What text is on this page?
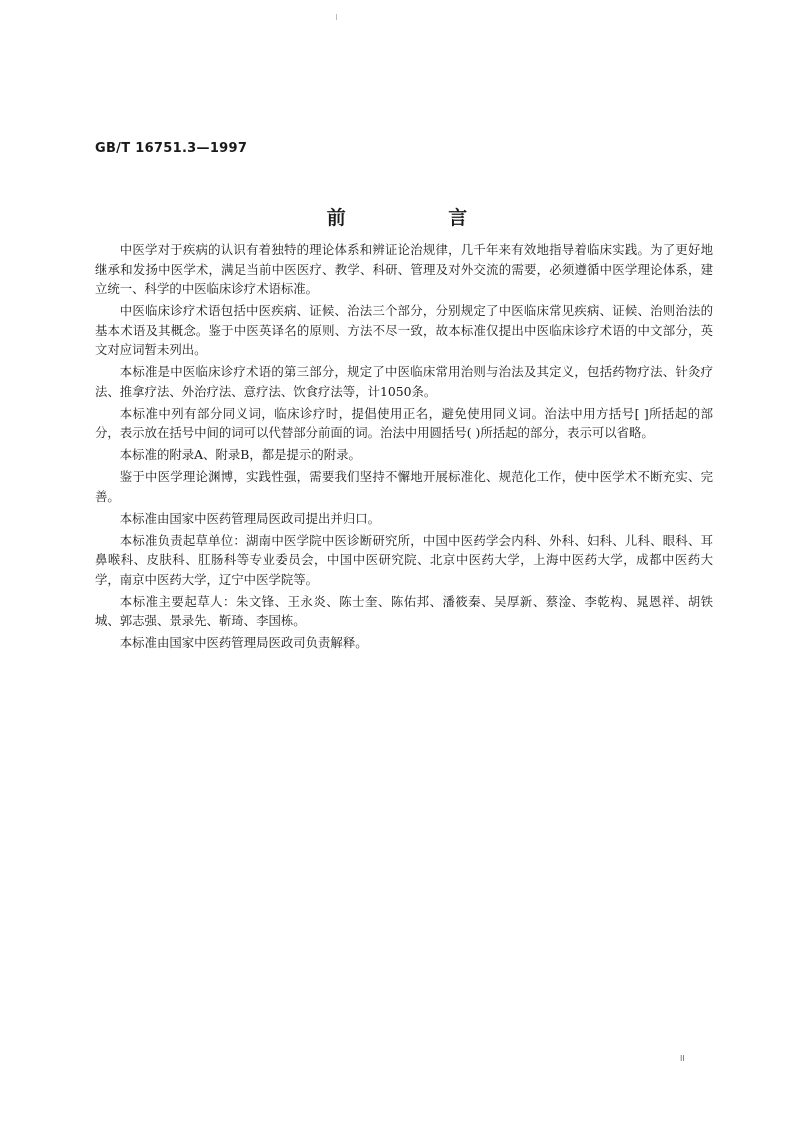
GB/T 16751.3—1997
前 言

中医学对于疾病的认识有着独特的理论体系和辨证论治规律，几千年来有效地指导着临床实践。为了更好地继承和发扬中医学术，满足当前中医医疗、教学、科研、管理及对外交流的需要，必须遵循中医学理论体系，建立统一、科学的中医临床诊疗术语标准。

中医临床诊疗术语包括中医疾病、证候、治法三个部分，分别规定了中医临床常见疾病、证候、治则治法的基本术语及其概念。鉴于中医英译名的原则、方法不尽一致，故本标准仅提出中医临床诊疗术语的中文部分，英文对应词暂未列出。

本标准是中医临床诊疗术语的第三部分，规定了中医临床常用治则与治法及其定义，包括药物疗法、针灸疗法、推拿疗法、外治疗法、意疗法、饮食疗法等，计1050条。

本标准中列有部分同义词，临床诊疗时，提倡使用正名，避免使用同义词。治法中用方括号[ ]所括起的部分，表示放在括号中间的词可以代替部分前面的词。治法中用圆括号( )所括起的部分，表示可以省略。

本标准的附录A、附录B，都是提示的附录。

鉴于中医学理论渊博，实践性强，需要我们坚持不懈地开展标准化、规范化工作，使中医学术不断充实、完善。

本标准由国家中医药管理局医政司提出并归口。

本标准负责起草单位：湖南中医学院中医诊断研究所，中国中医药学会内科、外科、妇科、儿科、眼科、耳鼻喉科、皮肤科、肛肠科等专业委员会，中国中医研究院、北京中医药大学，上海中医药大学，成都中医药大学，南京中医药大学，辽宁中医学院等。

本标准主要起草人：朱文锋、王永炎、陈士奎、陈佑邦、潘筱秦、吴厚新、蔡淦、李乾构、晁恩祥、胡铁城、郭志强、景录先、靳琦、李国栋。

本标准由国家中医药管理局医政司负责解释。

II
